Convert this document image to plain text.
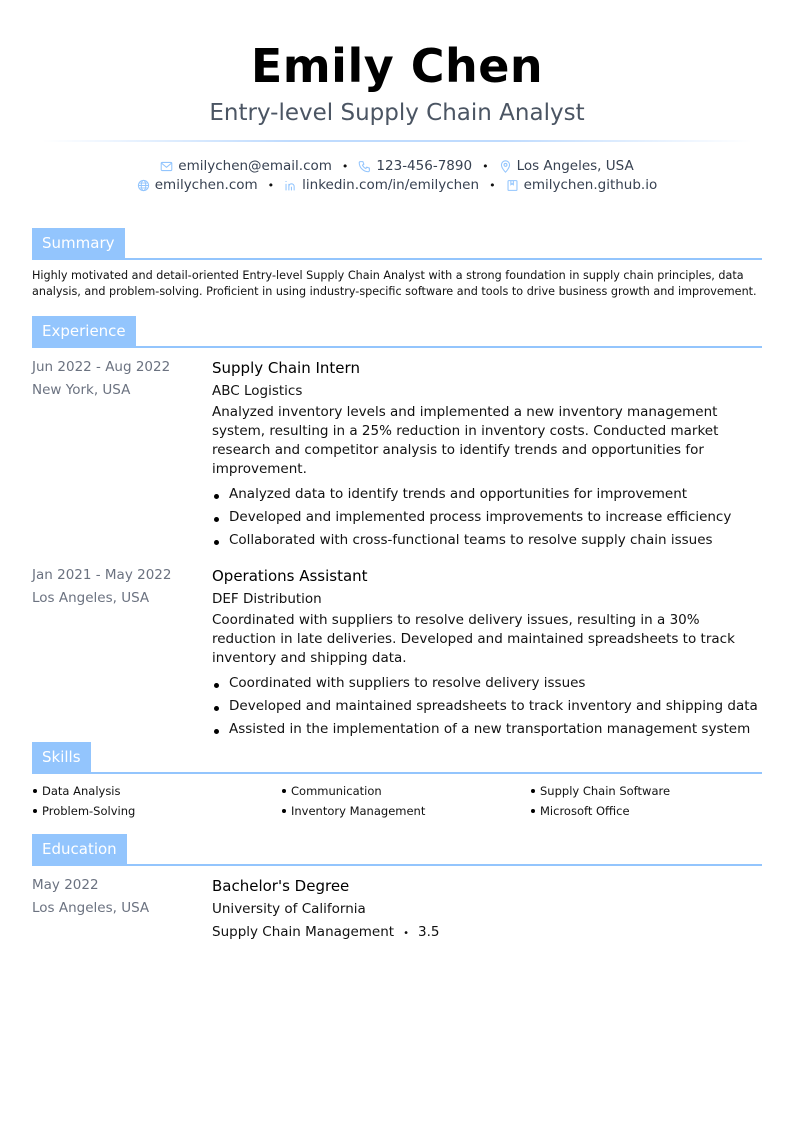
Emily Chen
Entry-level Supply Chain Analyst
emilychen@email.com • 123-456-7890 • Los Angeles, USA
emilychen.com • linkedin.com/in/emilychen • emilychen.github.io
Summary
Highly motivated and detail-oriented Entry-level Supply Chain Analyst with a strong foundation in supply chain principles, data analysis, and problem-solving. Proficient in using industry-specific software and tools to drive business growth and improvement.
Experience
Jun 2022 - Aug 2022
New York, USA
Supply Chain Intern
ABC Logistics
Analyzed inventory levels and implemented a new inventory management system, resulting in a 25% reduction in inventory costs. Conducted market research and competitor analysis to identify trends and opportunities for improvement.
Analyzed data to identify trends and opportunities for improvement
Developed and implemented process improvements to increase efficiency
Collaborated with cross-functional teams to resolve supply chain issues
Jan 2021 - May 2022
Los Angeles, USA
Operations Assistant
DEF Distribution
Coordinated with suppliers to resolve delivery issues, resulting in a 30% reduction in late deliveries. Developed and maintained spreadsheets to track inventory and shipping data.
Coordinated with suppliers to resolve delivery issues
Developed and maintained spreadsheets to track inventory and shipping data
Assisted in the implementation of a new transportation management system
Skills
Data Analysis	Communication	Supply Chain Software
Problem-Solving	Inventory Management	Microsoft Office
Education
May 2022
Los Angeles, USA
Bachelor's Degree
University of California
Supply Chain Management • 3.5
